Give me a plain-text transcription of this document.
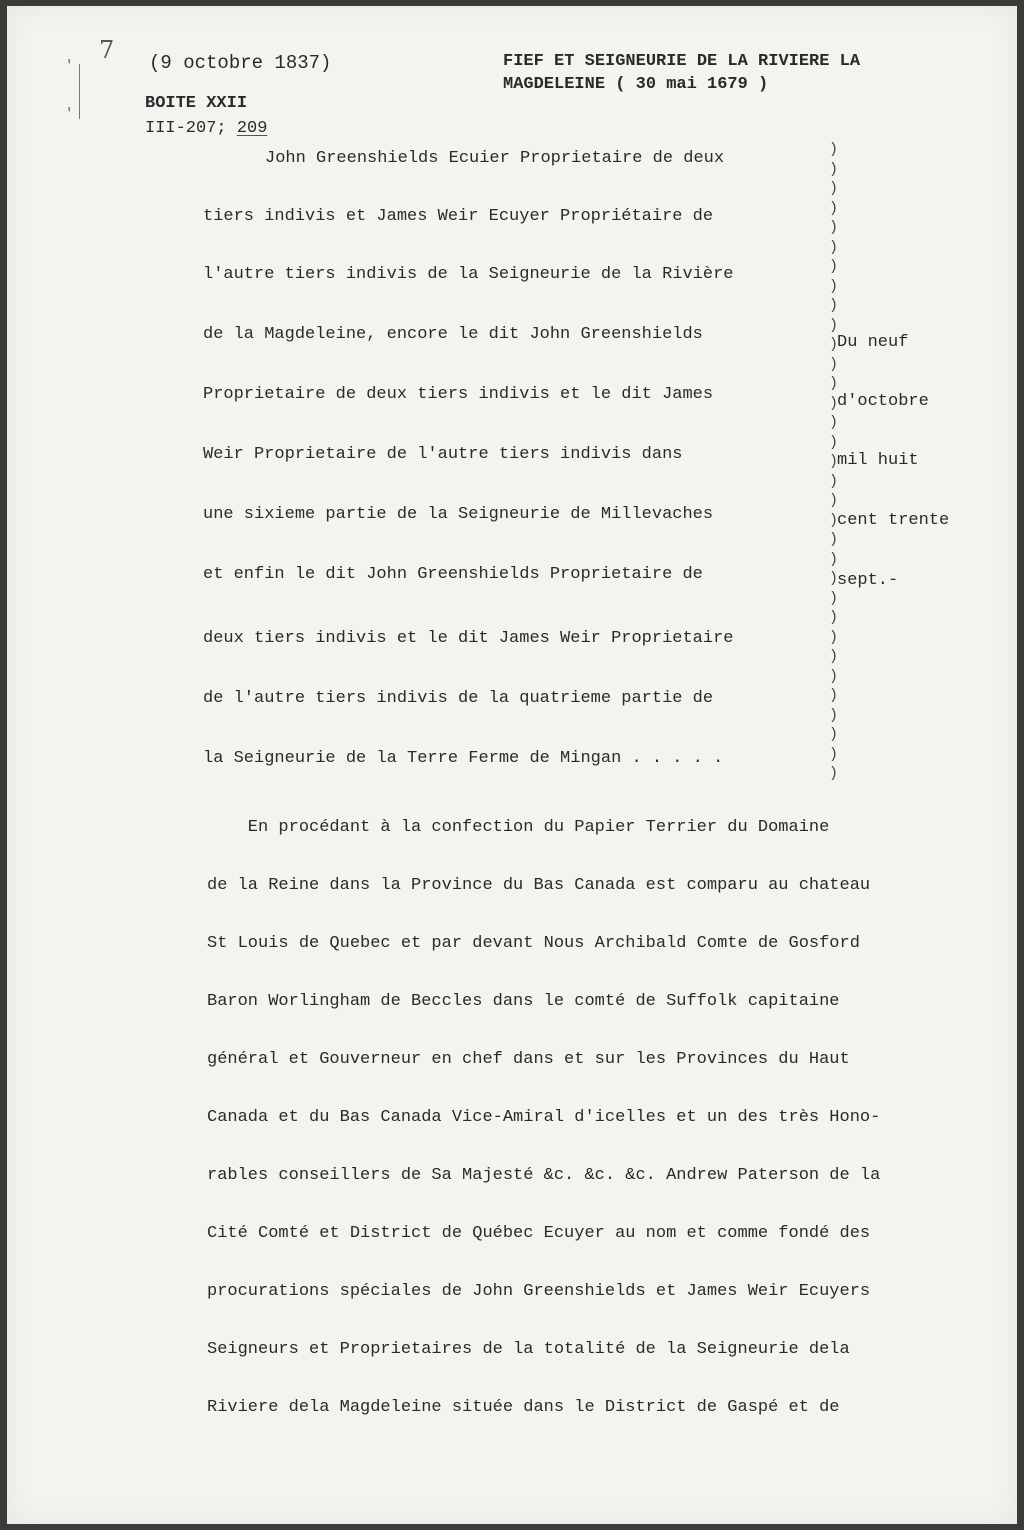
7
'
'
(9 octobre 1837)
BOITE XXII
III-207; 209
FIEF ET SEIGNEURIE DE LA RIVIERE LA
MAGDELEINE ( 30 mai 1679 )
John Greenshields Ecuier Proprietaire de deux
tiers indivis et James Weir Ecuyer Propriétaire de
l'autre tiers indivis de la Seigneurie de la Rivière
de la Magdeleine, encore le dit John Greenshields
Proprietaire de deux tiers indivis et le dit James
Weir Proprietaire de l'autre tiers indivis dans
une sixieme partie de la Seigneurie de Millevaches
et enfin le dit John Greenshields Proprietaire de
deux tiers indivis et le dit James Weir Proprietaire
de l'autre tiers indivis de la quatrieme partie de
la Seigneurie de la Terre Ferme de Mingan . . . . .
)
)
)
)
)
)
)
)
)
)
)
)
)
)
)
)
)
)
)
)
)
)
)
)
)
)
)
)
)
)
)
)
)
Du neuf
d'octobre
mil huit
cent trente
sept.-
En procédant à la confection du Papier Terrier du Domaine
de la Reine dans la Province du Bas Canada est comparu au chateau
St Louis de Quebec et par devant Nous Archibald Comte de Gosford
Baron Worlingham de Beccles dans le comté de Suffolk capitaine
général et Gouverneur en chef dans et sur les Provinces du Haut
Canada et du Bas Canada Vice-Amiral d'icelles et un des très Hono-
rables conseillers de Sa Majesté &c. &c. &c. Andrew Paterson de la
Cité Comté et District de Québec Ecuyer au nom et comme fondé des
procurations spéciales de John Greenshields et James Weir Ecuyers
Seigneurs et Proprietaires de la totalité de la Seigneurie dela
Riviere dela Magdeleine située dans le District de Gaspé et de
